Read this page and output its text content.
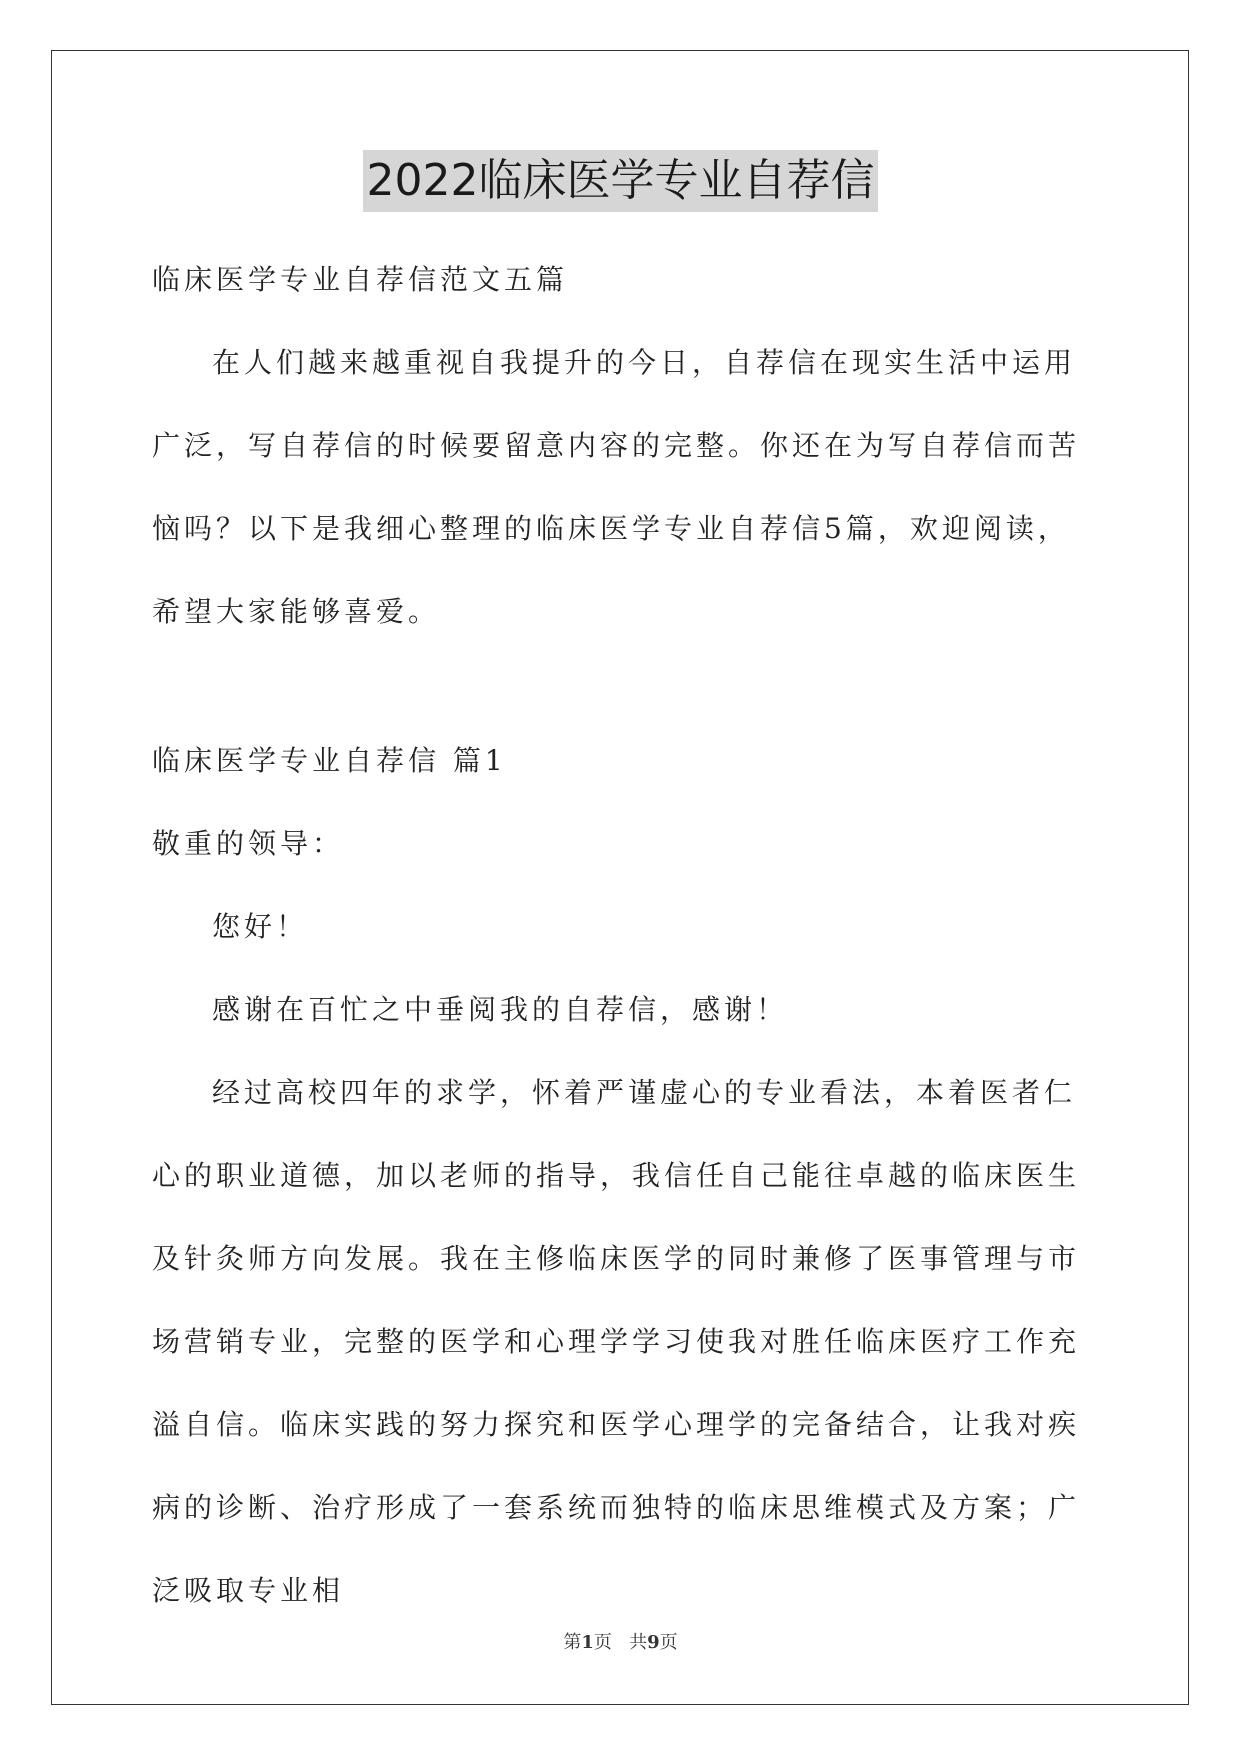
2022临床医学专业自荐信

临床医学专业自荐信范文五篇

在人们越来越重视自我提升的今日，自荐信在现实生活中运用广泛，写自荐信的时候要留意内容的完整。你还在为写自荐信而苦恼吗？以下是我细心整理的临床医学专业自荐信5篇，欢迎阅读，希望大家能够喜爱。

临床医学专业自荐信 篇1

敬重的领导：

您好！

感谢在百忙之中垂阅我的自荐信，感谢！

经过高校四年的求学，怀着严谨虚心的专业看法，本着医者仁心的职业道德，加以老师的指导，我信任自己能往卓越的临床医生及针灸师方向发展。我在主修临床医学的同时兼修了医事管理与市场营销专业，完整的医学和心理学学习使我对胜任临床医疗工作充溢自信。临床实践的努力探究和医学心理学的完备结合，让我对疾病的诊断、治疗形成了一套系统而独特的临床思维模式及方案；广泛吸取专业相

第1页   共9页
